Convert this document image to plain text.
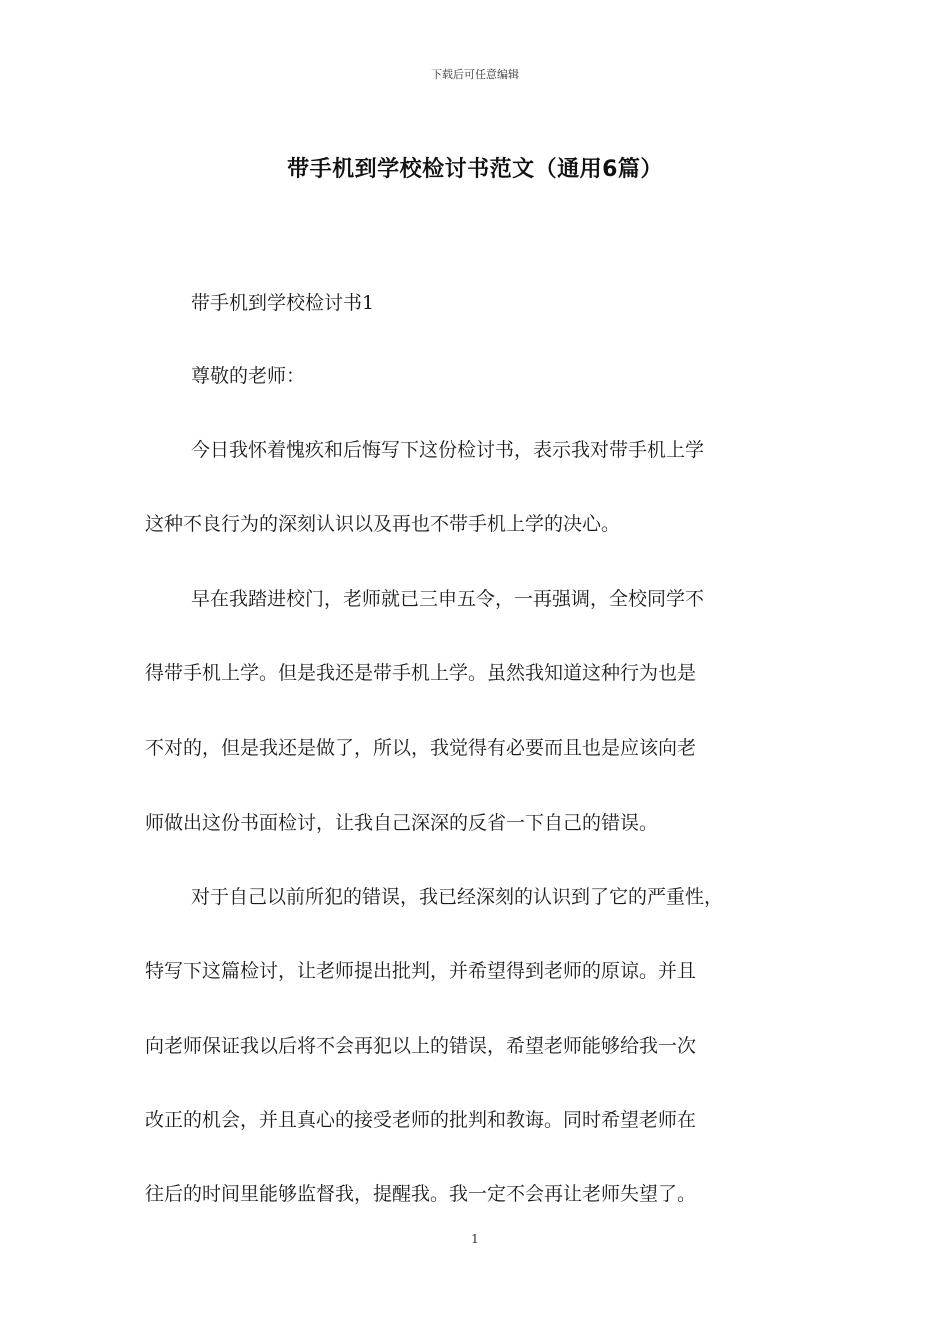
下载后可任意编辑
带手机到学校检讨书范文（通用6篇）
带手机到学校检讨书1
尊敬的老师：
今日我怀着愧疚和后悔写下这份检讨书，表示我对带手机上学
这种不良行为的深刻认识以及再也不带手机上学的决心。
早在我踏进校门，老师就已三申五令，一再强调，全校同学不
得带手机上学。但是我还是带手机上学。虽然我知道这种行为也是
不对的，但是我还是做了，所以，我觉得有必要而且也是应该向老
师做出这份书面检讨，让我自己深深的反省一下自己的错误。
对于自己以前所犯的错误，我已经深刻的认识到了它的严重性，
特写下这篇检讨，让老师提出批判，并希望得到老师的原谅。并且
向老师保证我以后将不会再犯以上的错误，希望老师能够给我一次
改正的机会，并且真心的接受老师的批判和教诲。同时希望老师在
往后的时间里能够监督我，提醒我。我一定不会再让老师失望了。
1
